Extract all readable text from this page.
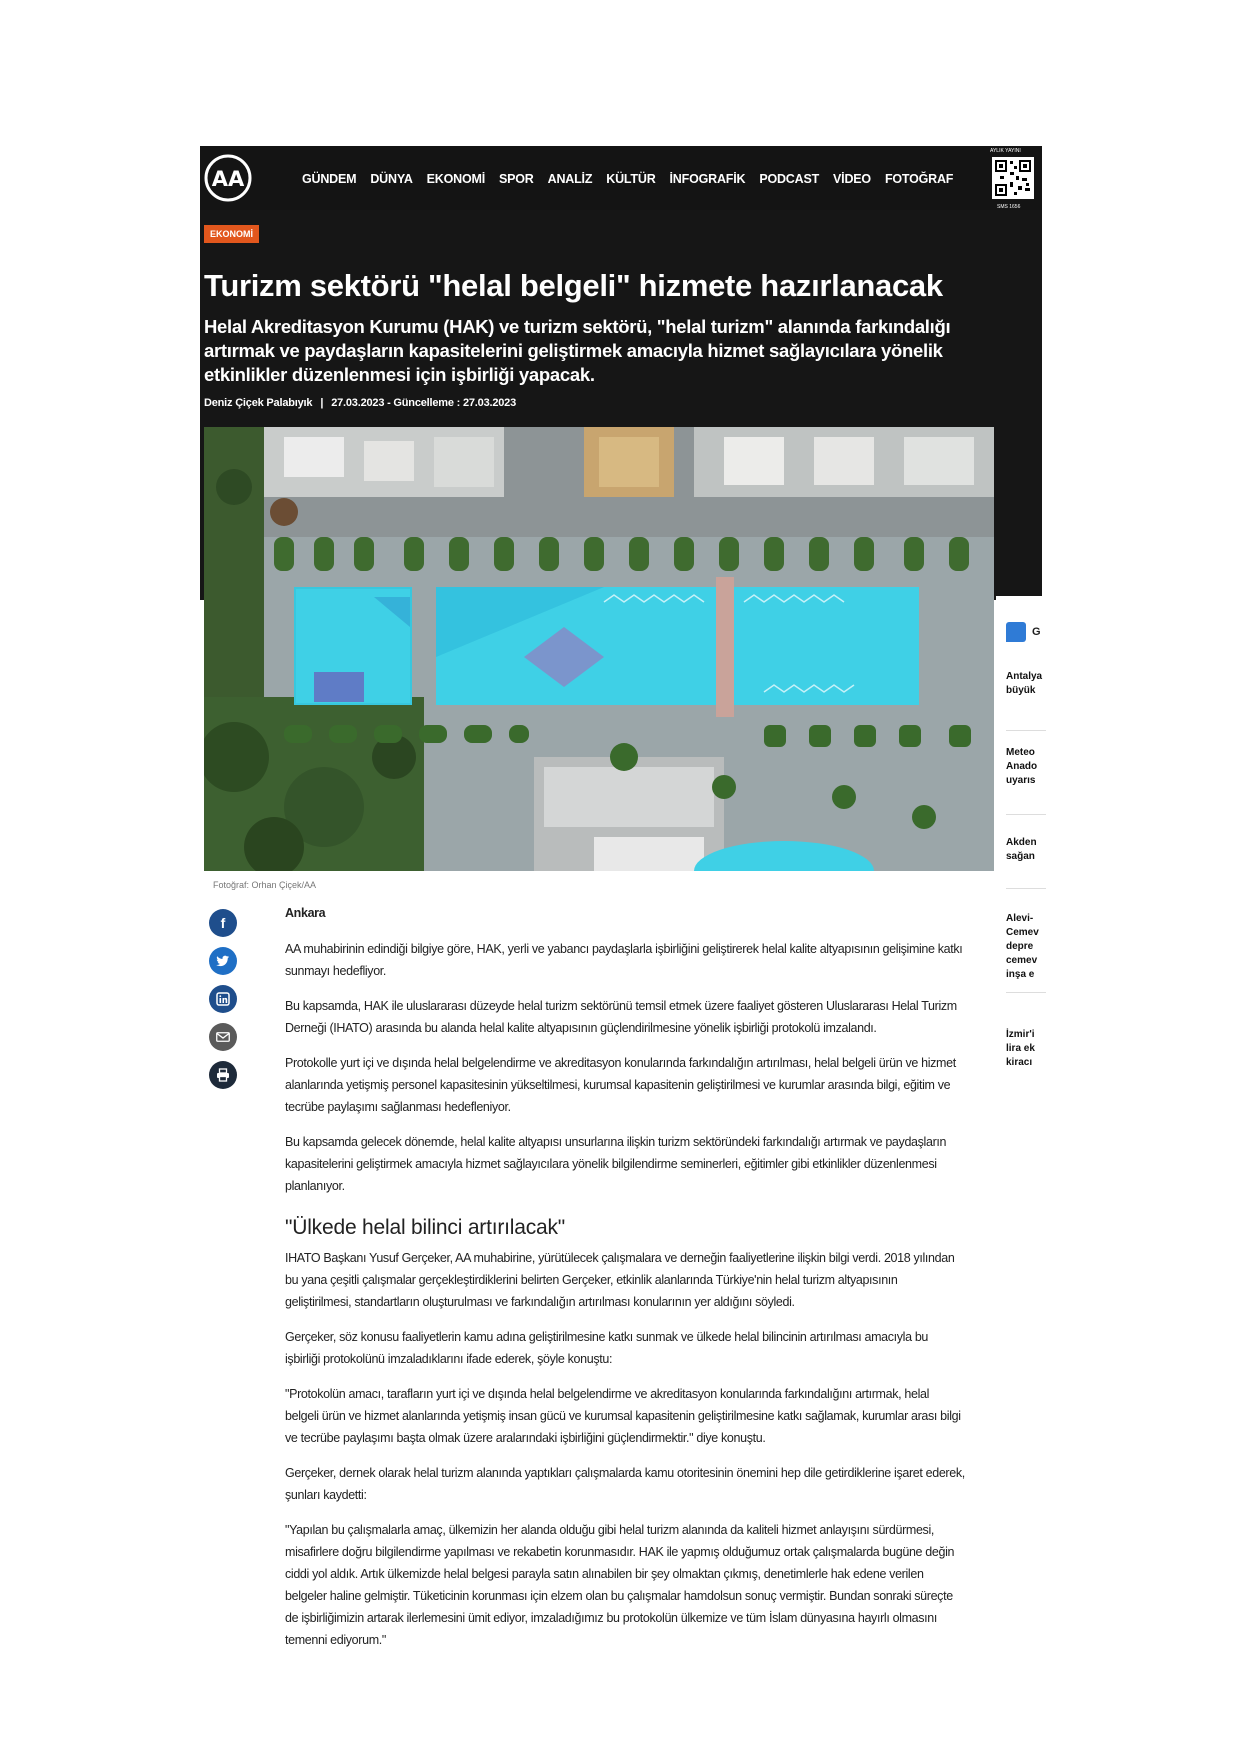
AA	GÜNDEM DÜNYA EKONOMİ SPOR ANALİZ KÜLTÜR İNFOGRAFİK PODCAST VİDEO FOTOĞRAF
AYLIK YAYINI
SMS 1656
EKONOMİ
Turizm sektörü "helal belgeli" hizmete hazırlanacak
Helal Akreditasyon Kurumu (HAK) ve turizm sektörü, "helal turizm" alanında farkındalığı artırmak ve paydaşların kapasitelerini geliştirmek amacıyla hizmet sağlayıcılara yönelik etkinlikler düzenlenmesi için işbirliği yapacak.
Deniz Çiçek Palabıyık | 27.03.2023 - Güncelleme : 27.03.2023
Fotoğraf: Orhan Çiçek/AA
G
Antalya büyük
Meteo Anado uyarıs
Akden sağan
Alevi- Cemev depre cemev inşa e
İzmir'i lira ek kiracı
f

Ankara

AA muhabirinin edindiği bilgiye göre, HAK, yerli ve yabancı paydaşlarla işbirliğini geliştirerek helal kalite altyapısının gelişimine katkı sunmayı hedefliyor.

Bu kapsamda, HAK ile uluslararası düzeyde helal turizm sektörünü temsil etmek üzere faaliyet gösteren Uluslararası Helal Turizm Derneği (IHATO) arasında bu alanda helal kalite altyapısının güçlendirilmesine yönelik işbirliği protokolü imzalandı.

Protokolle yurt içi ve dışında helal belgelendirme ve akreditasyon konularında farkındalığın artırılması, helal belgeli ürün ve hizmet alanlarında yetişmiş personel kapasitesinin yükseltilmesi, kurumsal kapasitenin geliştirilmesi ve kurumlar arasında bilgi, eğitim ve tecrübe paylaşımı sağlanması hedefleniyor.

Bu kapsamda gelecek dönemde, helal kalite altyapısı unsurlarına ilişkin turizm sektöründeki farkındalığı artırmak ve paydaşların kapasitelerini geliştirmek amacıyla hizmet sağlayıcılara yönelik bilgilendirme seminerleri, eğitimler gibi etkinlikler düzenlenmesi planlanıyor.

"Ülkede helal bilinci artırılacak"

IHATO Başkanı Yusuf Gerçeker, AA muhabirine, yürütülecek çalışmalara ve derneğin faaliyetlerine ilişkin bilgi verdi. 2018 yılından bu yana çeşitli çalışmalar gerçekleştirdiklerini belirten Gerçeker, etkinlik alanlarında Türkiye'nin helal turizm altyapısının geliştirilmesi, standartların oluşturulması ve farkındalığın artırılması konularının yer aldığını söyledi.

Gerçeker, söz konusu faaliyetlerin kamu adına geliştirilmesine katkı sunmak ve ülkede helal bilincinin artırılması amacıyla bu işbirliği protokolünü imzaladıklarını ifade ederek, şöyle konuştu:

"Protokolün amacı, tarafların yurt içi ve dışında helal belgelendirme ve akreditasyon konularında farkındalığını artırmak, helal belgeli ürün ve hizmet alanlarında yetişmiş insan gücü ve kurumsal kapasitenin geliştirilmesine katkı sağlamak, kurumlar arası bilgi ve tecrübe paylaşımı başta olmak üzere aralarındaki işbirliğini güçlendirmektir." diye konuştu.

Gerçeker, dernek olarak helal turizm alanında yaptıkları çalışmalarda kamu otoritesinin önemini hep dile getirdiklerine işaret ederek, şunları kaydetti:

"Yapılan bu çalışmalarla amaç, ülkemizin her alanda olduğu gibi helal turizm alanında da kaliteli hizmet anlayışını sürdürmesi, misafirlere doğru bilgilendirme yapılması ve rekabetin korunmasıdır. HAK ile yapmış olduğumuz ortak çalışmalarda bugüne değin ciddi yol aldık. Artık ülkemizde helal belgesi parayla satın alınabilen bir şey olmaktan çıkmış, denetimlerle hak edene verilen belgeler haline gelmiştir. Tüketicinin korunması için elzem olan bu çalışmalar hamdolsun sonuç vermiştir. Bundan sonraki süreçte de işbirliğimizin artarak ilerlemesini ümit ediyor, imzaladığımız bu protokolün ülkemize ve tüm İslam dünyasına hayırlı olmasını temenni ediyorum."
